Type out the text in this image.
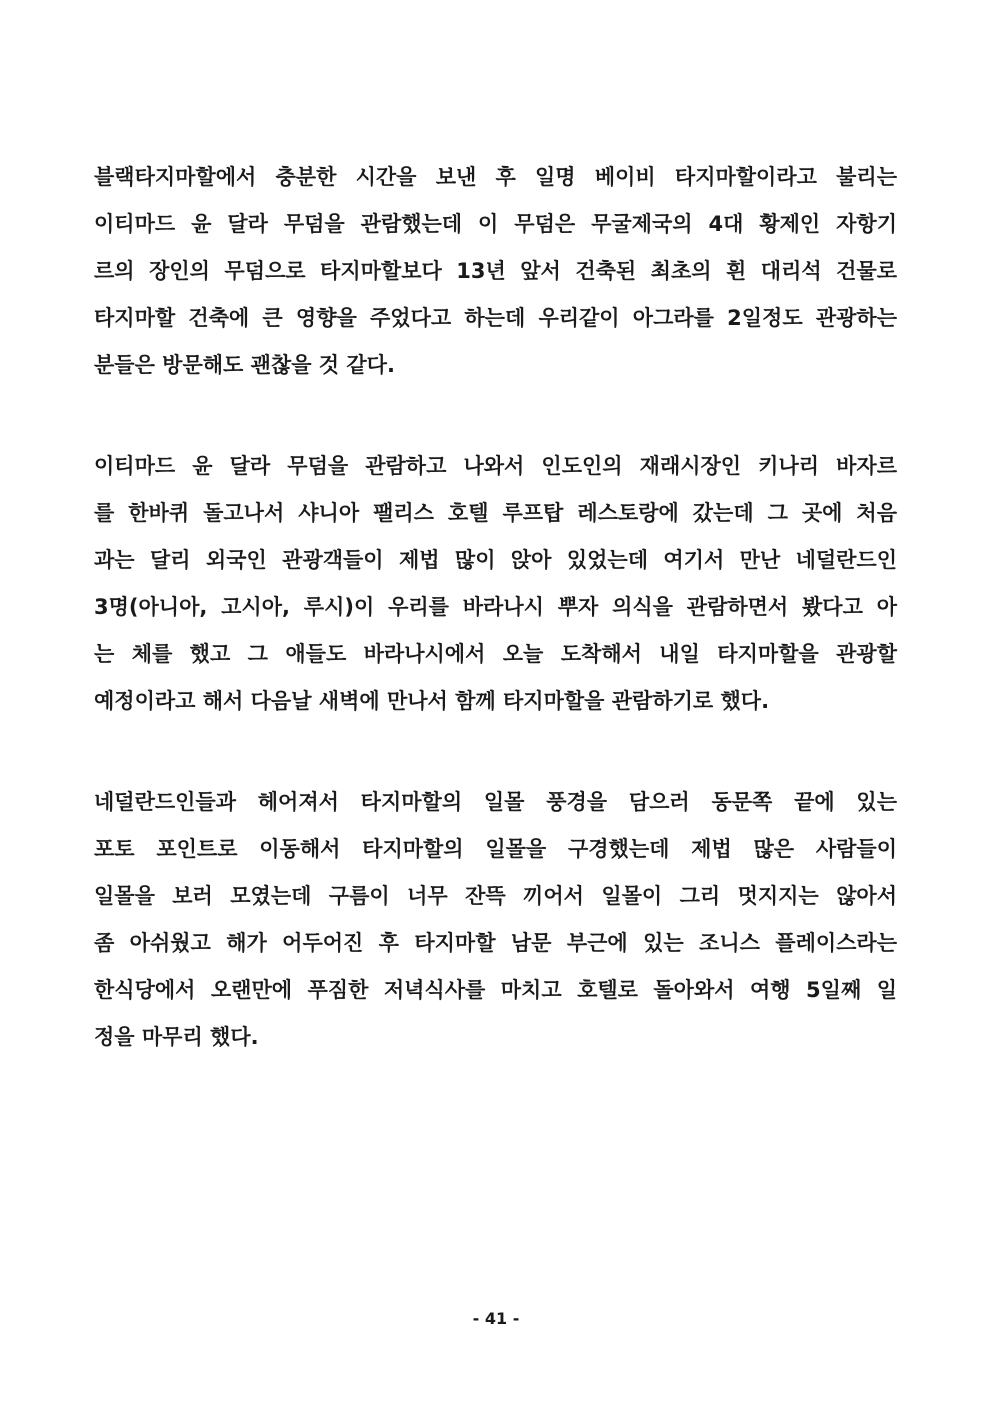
블랙타지마할에서 충분한 시간을 보낸 후 일명 베이비 타지마할이라고 불리는
이티마드 윤 달라 무덤을 관람했는데 이 무덤은 무굴제국의 4대 황제인 자항기
르의 장인의 무덤으로 타지마할보다 13년 앞서 건축된 최초의 흰 대리석 건물로
타지마할 건축에 큰 영향을 주었다고 하는데 우리같이 아그라를 2일정도 관광하는
분들은 방문해도 괜찮을 것 같다.
이티마드 윤 달라 무덤을 관람하고 나와서 인도인의 재래시장인 키나리 바자르
를 한바퀴 돌고나서 샤니아 팰리스 호텔 루프탑 레스토랑에 갔는데 그 곳에 처음
과는 달리 외국인 관광객들이 제법 많이 앉아 있었는데 여기서 만난 네덜란드인
3명(아니아, 고시아, 루시)이 우리를 바라나시 뿌자 의식을 관람하면서 봤다고 아
는 체를 했고 그 애들도 바라나시에서 오늘 도착해서 내일 타지마할을 관광할
예정이라고 해서 다음날 새벽에 만나서 함께 타지마할을 관람하기로 했다.
네덜란드인들과 헤어져서 타지마할의 일몰 풍경을 담으러 동문쪽 끝에 있는
포토 포인트로 이동해서 타지마할의 일몰을 구경했는데 제법 많은 사람들이
일몰을 보러 모였는데 구름이 너무 잔뜩 끼어서 일몰이 그리 멋지지는 않아서
좀 아쉬웠고 해가 어두어진 후 타지마할 남문 부근에 있는 조니스 플레이스라는
한식당에서 오랜만에 푸짐한 저녁식사를 마치고 호텔로 돌아와서 여행 5일째 일
정을 마무리 했다.
- 41 -
